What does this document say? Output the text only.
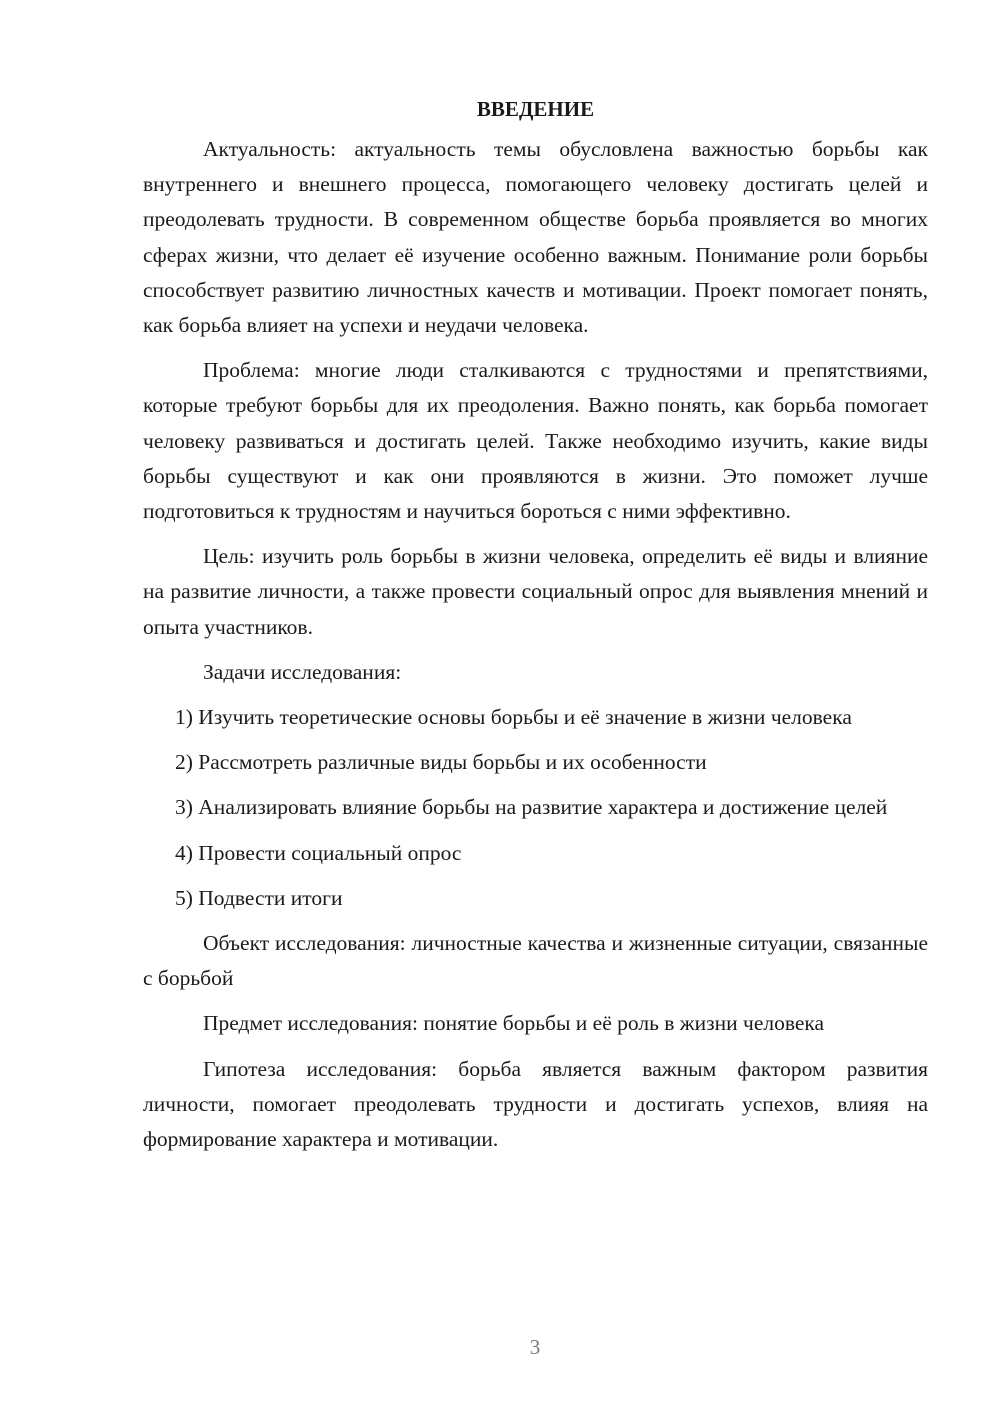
ВВЕДЕНИЕ

Актуальность: актуальность темы обусловлена важностью борьбы как внутреннего и внешнего процесса, помогающего человеку достигать целей и преодолевать трудности. В современном обществе борьба проявляется во многих сферах жизни, что делает её изучение особенно важным. Понимание роли борьбы способствует развитию личностных качеств и мотивации. Проект помогает понять, как борьба влияет на успехи и неудачи человека.

Проблема: многие люди сталкиваются с трудностями и препятствиями, которые требуют борьбы для их преодоления. Важно понять, как борьба помогает человеку развиваться и достигать целей. Также необходимо изучить, какие виды борьбы существуют и как они проявляются в жизни. Это поможет лучше подготовиться к трудностям и научиться бороться с ними эффективно.

Цель: изучить роль борьбы в жизни человека, определить её виды и влияние на развитие личности, а также провести социальный опрос для выявления мнений и опыта участников.

Задачи исследования:

1) Изучить теоретические основы борьбы и её значение в жизни человека

2) Рассмотреть различные виды борьбы и их особенности

3) Анализировать влияние борьбы на развитие характера и достижение целей

4) Провести социальный опрос

5) Подвести итоги

Объект исследования: личностные качества и жизненные ситуации, связанные с борьбой

Предмет исследования: понятие борьбы и её роль в жизни человека

Гипотеза исследования: борьба является важным фактором развития личности, помогает преодолевать трудности и достигать успехов, влияя на формирование характера и мотивации.

3
